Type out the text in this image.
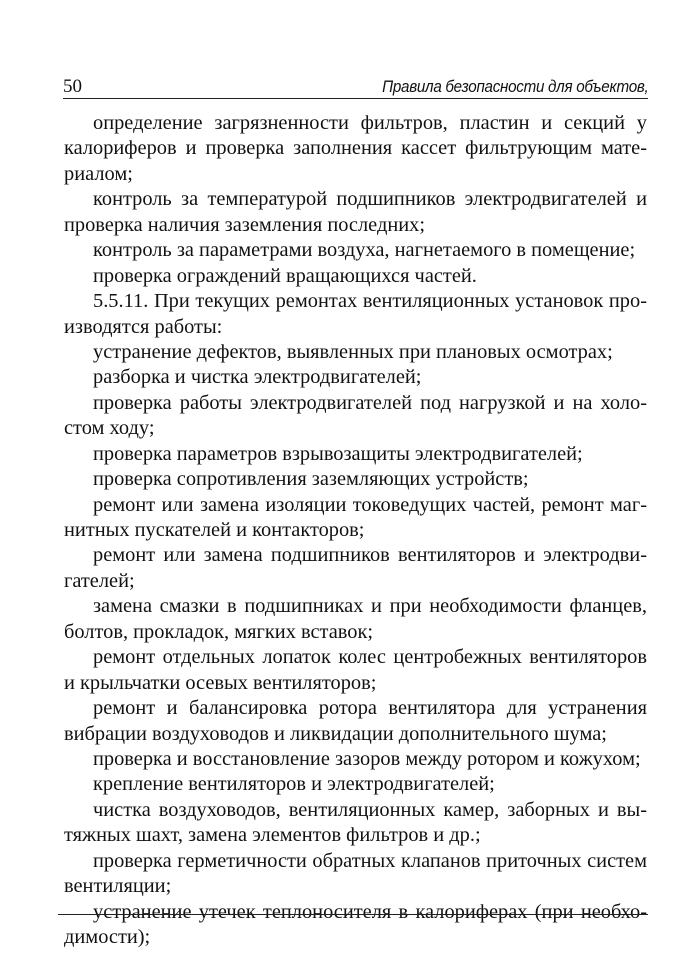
50	Правила безопасности для объектов,

определение загрязненности фильтров, пластин и секций у
калориферов и проверка заполнения кассет фильтрующим мате-
риалом;

контроль за температурой подшипников электродвигателей и
проверка наличия заземления последних;

контроль за параметрами воздуха, нагнетаемого в помещение;

проверка ограждений вращающихся частей.

5.5.11. При текущих ремонтах вентиляционных установок про-
изводятся работы:

устранение дефектов, выявленных при плановых осмотрах;

разборка и чистка электродвигателей;

проверка работы электродвигателей под нагрузкой и на холо-
стом ходу;

проверка параметров взрывозащиты электродвигателей;

проверка сопротивления заземляющих устройств;

ремонт или замена изоляции токоведущих частей, ремонт маг-
нитных пускателей и контакторов;

ремонт или замена подшипников вентиляторов и электродви-
гателей;

замена смазки в подшипниках и при необходимости фланцев,
болтов, прокладок, мягких вставок;

ремонт отдельных лопаток колес центробежных вентиляторов
и крыльчатки осевых вентиляторов;

ремонт и балансировка ротора вентилятора для устранения
вибрации воздуховодов и ликвидации дополнительного шума;

проверка и восстановление зазоров между ротором и кожухом;

крепление вентиляторов и электродвигателей;

чистка воздуховодов, вентиляционных камер, заборных и вы-
тяжных шахт, замена элементов фильтров и др.;

проверка герметичности обратных клапанов приточных систем
вентиляции;

устранение утечек теплоносителя в калориферах (при необхо-
димости);
